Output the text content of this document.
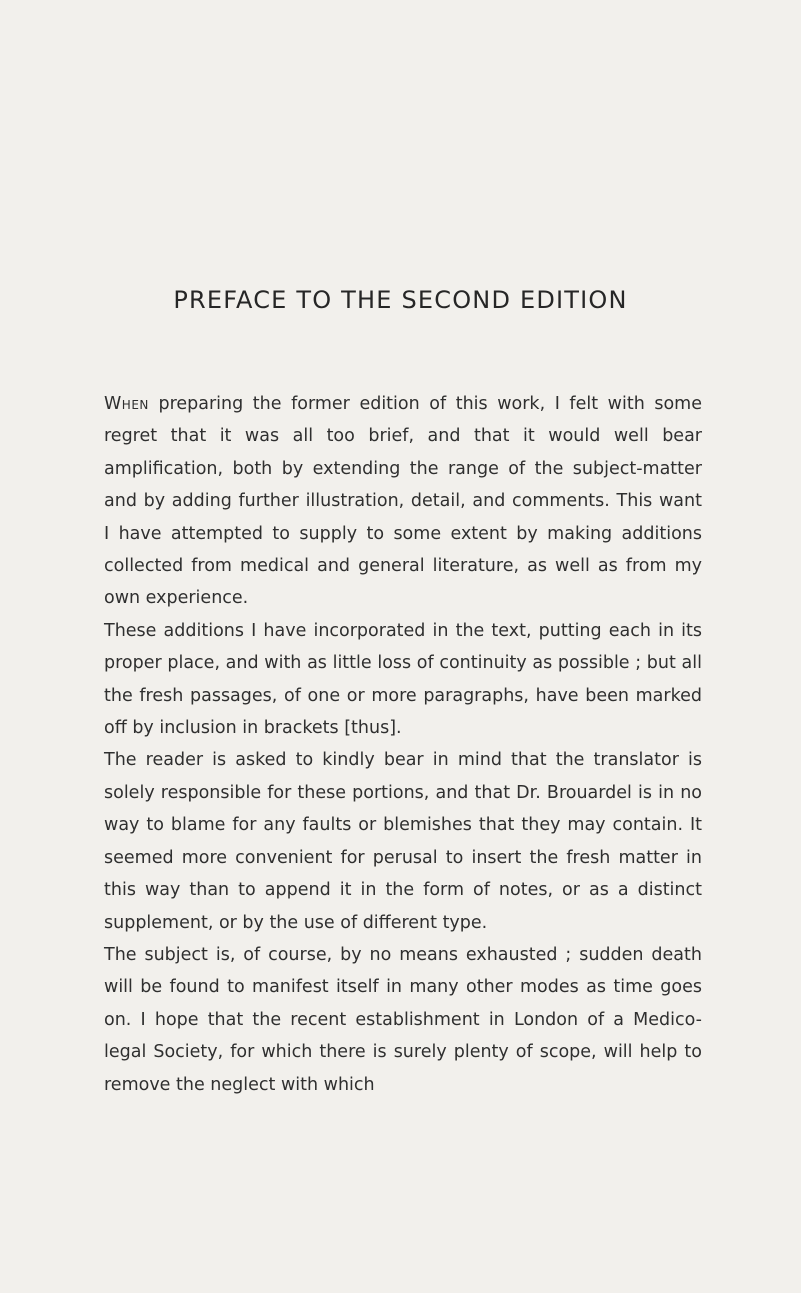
PREFACE TO THE SECOND EDITION

When preparing the former edition of this work, I felt with some regret that it was all too brief, and that it would well bear amplification, both by extending the range of the subject-matter and by adding further illustration, detail, and comments. This want I have attempted to supply to some extent by making additions collected from medical and general literature, as well as from my own experience.

These additions I have incorporated in the text, putting each in its proper place, and with as little loss of continuity as possible ; but all the fresh passages, of one or more paragraphs, have been marked off by inclusion in brackets [thus].

The reader is asked to kindly bear in mind that the translator is solely responsible for these portions, and that Dr. Brouardel is in no way to blame for any faults or blemishes that they may contain. It seemed more convenient for perusal to insert the fresh matter in this way than to append it in the form of notes, or as a distinct supplement, or by the use of different type.

The subject is, of course, by no means exhausted ; sudden death will be found to manifest itself in many other modes as time goes on. I hope that the recent establishment in London of a Medico-legal Society, for which there is surely plenty of scope, will help to remove the neglect with which
